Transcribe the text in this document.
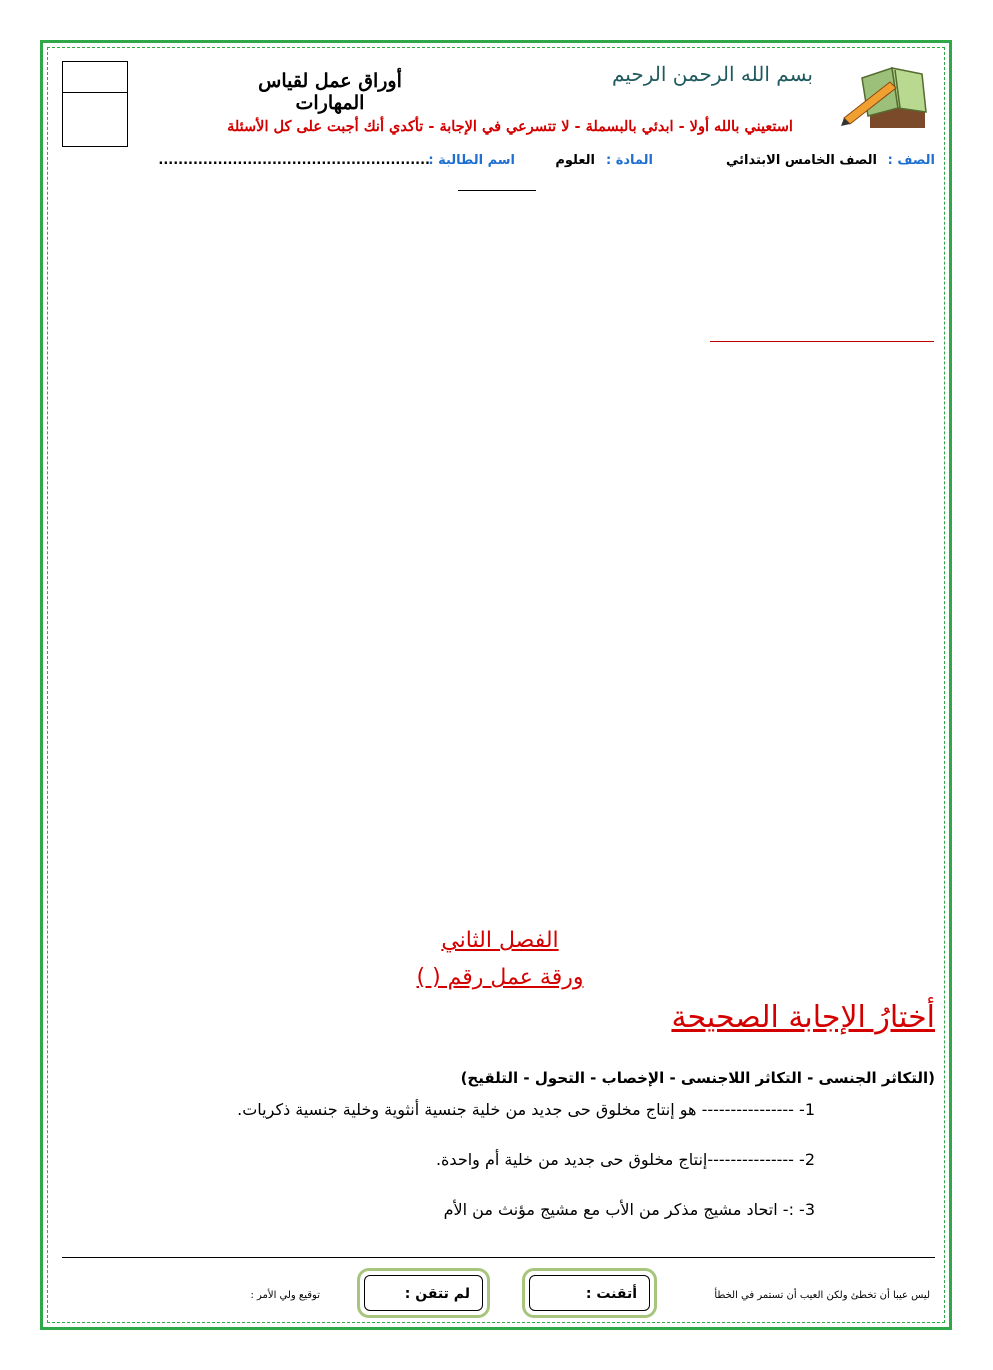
أوراق عمل لقياس المهارات
بسم الله الرحمن الرحيم
استعيني بالله أولا - ابدئي بالبسملة - لا تتسرعي في الإجابة - تأكدي أنك أجبت على كل الأسئلة
الصف :
الصف الخامس الابتدائي
المادة :
العلوم
اسم الطالبة :
.......................................................
الفصل الثاني
ورقة عمل رقم ( )
أختارُ الإجابة الصحيحة
(التكاثر الجنسى - التكاثر اللاجنسى - الإخصاب - التحول - التلقيح)
1- ---------------- هو إنتاج مخلوق حى جديد من خلية جنسية أنثوية وخلية جنسية ذكريات.
2- ---------------إنتاج مخلوق حى جديد من خلية أم واحدة.
3- :- اتحاد مشيج مذكر من الأب مع مشيج مؤنث من الأم
ليس عيبا أن تخطئ ولكن العيب أن تستمر في الخطأ
أتقنت :
لم تتقن :
توقيع ولي الأمر :
